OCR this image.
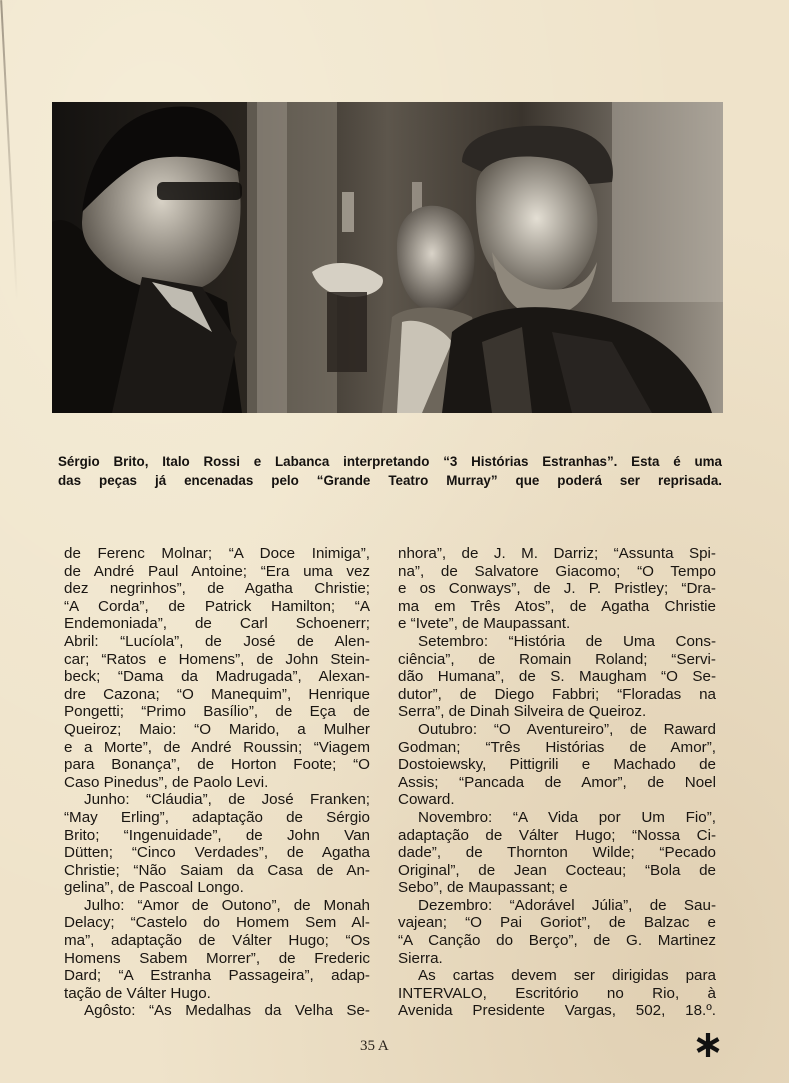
Sérgio Brito, Italo Rossi e Labanca interpretando “3 Histórias Estranhas”. Esta é uma
das peças já encenadas pelo “Grande Teatro Murray” que poderá ser reprisada.
de Ferenc Molnar; “A Doce Inimiga”,
de André Paul Antoine; “Era uma vez
dez negrinhos”, de Agatha Christie;
“A Corda”, de Patrick Hamilton; “A
Endemoniada”, de Carl Schoenerr;
Abril: “Lucíola”, de José de Alen-
car; “Ratos e Homens”, de John Stein-
beck; “Dama da Madrugada”, Alexan-
dre Cazona; “O Manequim”, Henrique
Pongetti; “Primo Basílio”, de Eça de
Queiroz; Maio: “O Marido, a Mulher
e a Morte”, de André Roussin; “Viagem
para Bonança”, de Horton Foote; “O
Caso Pinedus”, de Paolo Levi.
Junho: “Cláudia”, de José Franken;
“May Erling”, adaptação de Sérgio
Brito; “Ingenuidade”, de John Van
Dütten; “Cinco Verdades”, de Agatha
Christie; “Não Saiam da Casa de An-
gelina”, de Pascoal Longo.
Julho: “Amor de Outono”, de Monah
Delacy; “Castelo do Homem Sem Al-
ma”, adaptação de Válter Hugo; “Os
Homens Sabem Morrer”, de Frederic
Dard; “A Estranha Passageira”, adap-
tação de Válter Hugo.
Agôsto: “As Medalhas da Velha Se-
nhora”, de J. M. Darriz; “Assunta Spi-
na”, de Salvatore Giacomo; “O Tempo
e os Conways”, de J. P. Pristley; “Dra-
ma em Três Atos”, de Agatha Christie
e “Ivete”, de Maupassant.
Setembro: “História de Uma Cons-
ciência”, de Romain Roland; “Servi-
dão Humana”, de S. Maugham “O Se-
dutor”, de Diego Fabbri; “Floradas na
Serra”, de Dinah Silveira de Queiroz.
Outubro: “O Aventureiro”, de Raward
Godman; “Três Histórias de Amor”,
Dostoiewsky, Pittigrili e Machado de
Assis; “Pancada de Amor”, de Noel
Coward.
Novembro: “A Vida por Um Fio”,
adaptação de Válter Hugo; “Nossa Ci-
dade”, de Thornton Wilde; “Pecado
Original”, de Jean Cocteau; “Bola de
Sebo”, de Maupassant; e
Dezembro: “Adorável Júlia”, de Sau-
vajean; “O Pai Goriot”, de Balzac e
“A Canção do Berço”, de G. Martinez
Sierra.
As cartas devem ser dirigidas para
INTERVALO, Escritório no Rio, à
Avenida Presidente Vargas, 502, 18.º.
35 A
